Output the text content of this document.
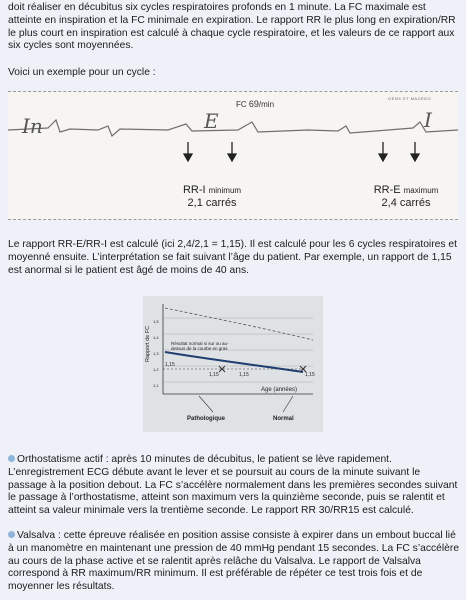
doit réaliser en décubitus six cycles respiratoires profonds en 1 minute. La FC maximale est atteinte en inspiration et la FC minimale en expiration. Le rapport RR le plus long en expiration/RR le plus court en inspiration est calculé à chaque cycle respiratoire, et les valeurs de ce rapport aux six cycles sont moyennées.

Voici un exemple pour un cycle :

In	E	I
FC 69/min
GENS ET MACEDO
RR-I minimum
2,1 carrés
RR-E maximum
2,4 carrés

Le rapport RR-E/RR-I est calculé (ici 2,4/2,1 = 1,15). Il est calculé pour les 6 cycles respiratoires et moyenné ensuite. L’interprétation se fait suivant l’âge du patient. Par exemple, un rapport de 1,15 est anormal si le patient est âgé de moins de 40 ans.

Rapport de FC	Résultat normal si sur ou au-dessus de la courbe en gras
1,15
1,15	1,15	1,15
Age (années)
Pathologique	Normal
1,5
1,4
1,3
1,2
1,1

Orthostatisme actif : après 10 minutes de décubitus, le patient se lève rapidement. L’enregistrement ECG débute avant le lever et se poursuit au cours de la minute suivant le passage à la position debout. La FC s’accélère normalement dans les premières secondes suivant le passage à l’orthostatisme, atteint son maximum vers la quinzième seconde, puis se ralentit et atteint sa valeur minimale vers la trentième seconde. Le rapport RR 30/RR15 est calculé.

Valsalva : cette épreuve réalisée en position assise consiste à expirer dans un embout buccal lié à un manomètre en maintenant une pression de 40 mmHg pendant 15 secondes. La FC s’accélère au cours de la phase active et se ralentit après relâche du Valsalva. Le rapport de Valsalva correspond à RR maximum/RR minimum. Il est préférable de répéter ce test trois fois et de moyenner les résultats.
